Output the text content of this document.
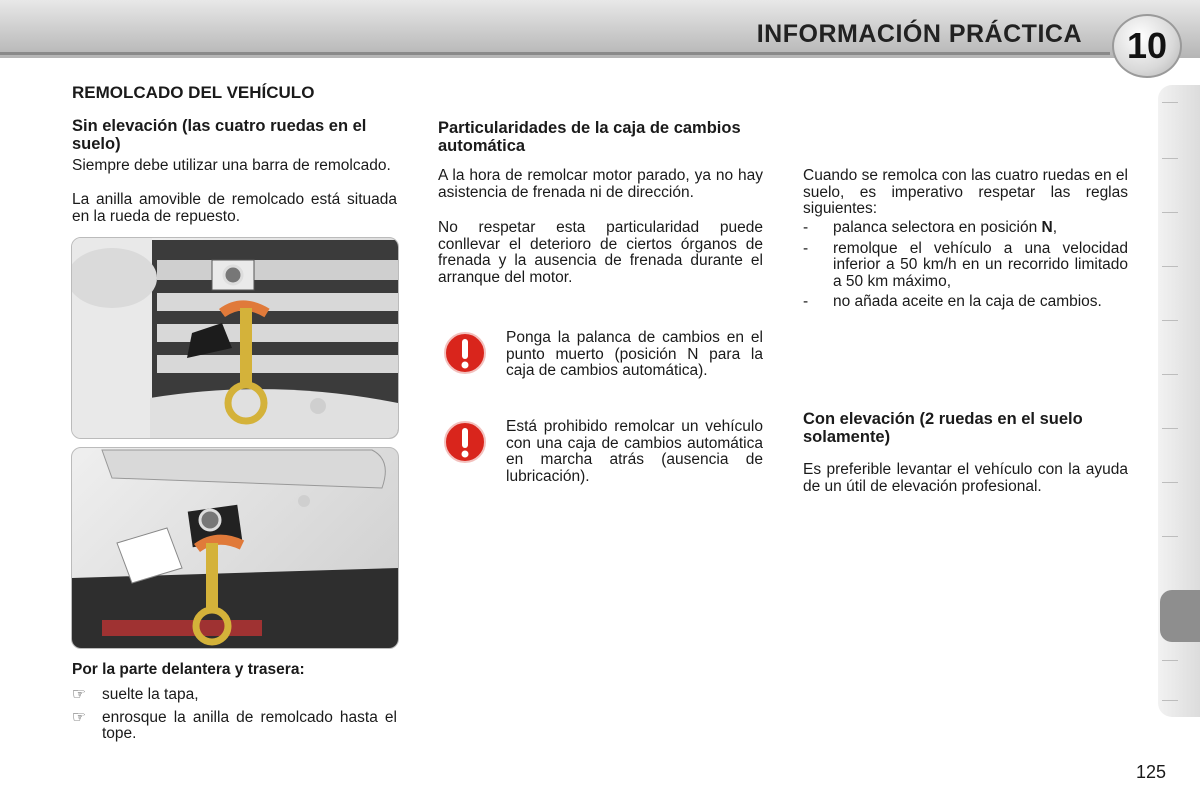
INFORMACIÓN PRÁCTICA 10
REMOLCADO DEL VEHÍCULO
Sin elevación (las cuatro ruedas en el suelo)
Siempre debe utilizar una barra de remolcado.
La anilla amovible de remolcado está situada en la rueda de repuesto.
Por la parte delantera y trasera:
☞ suelte la tapa,
☞ enrosque la anilla de remolcado hasta el tope.
Particularidades de la caja de cambios automática
A la hora de remolcar motor parado, ya no hay asistencia de frenada ni de dirección.
No respetar esta particularidad puede conllevar el deterioro de ciertos órganos de frenada y la ausencia de frenada durante el arranque del motor.
Ponga la palanca de cambios en el punto muerto (posición N para la caja de cambios automática).
Está prohibido remolcar un vehículo con una caja de cambios automática en marcha atrás (ausencia de lubricación).
Cuando se remolca con las cuatro ruedas en el suelo, es imperativo respetar las reglas siguientes:
- palanca selectora en posición N,
- remolque el vehículo a una velocidad inferior a 50 km/h en un recorrido limitado a 50 km máximo,
- no añada aceite en la caja de cambios.
Con elevación (2 ruedas en el suelo solamente)
Es preferible levantar el vehículo con la ayuda de un útil de elevación profesional.
125
